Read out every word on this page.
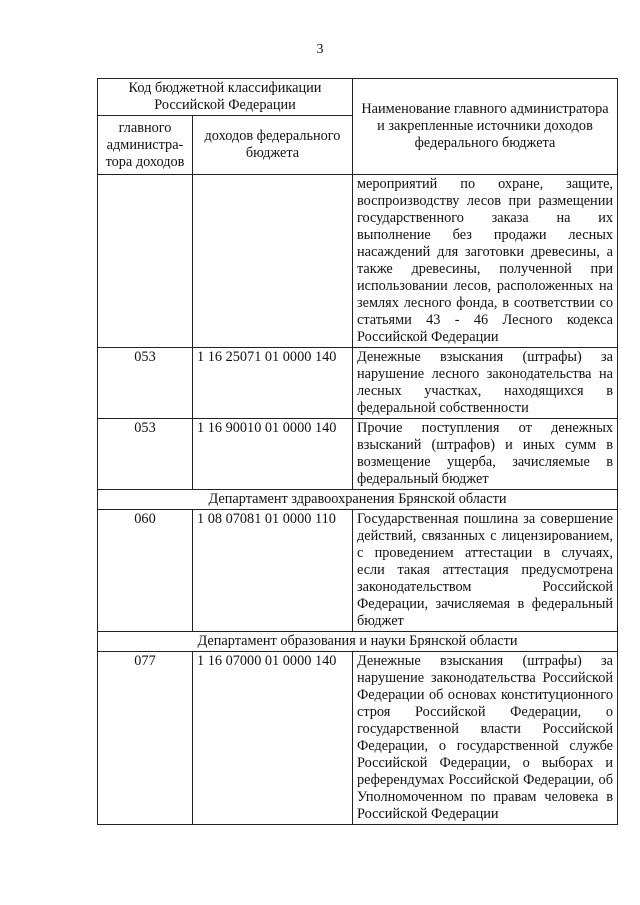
3
Код бюджетной классификации Российской Федерации		Наименование главного администратора и закрепленные источники доходов федерального бюджета
главного администра-тора доходов	доходов федерального бюджета	
		мероприятий по охране, защите, воспроизводству лесов при размещении государственного заказа на их выполнение без продажи лесных насаждений для заготовки древесины, а также древесины, полученной при использовании лесов, расположенных на землях лесного фонда, в соответствии со статьями 43 - 46 Лесного кодекса Российской Федерации
053	1 16 25071 01 0000 140	Денежные взыскания (штрафы) за нарушение лесного законодательства на лесных участках, находящихся в федеральной собственности
053	1 16 90010 01 0000 140	Прочие поступления от денежных взысканий (штрафов) и иных сумм в возмещение ущерба, зачисляемые в федеральный бюджет
Департамент здравоохранения Брянской области		
060	1 08 07081 01 0000 110	Государственная пошлина за совершение действий, связанных с лицензированием, с проведением аттестации в случаях, если такая аттестация предусмотрена законодательством Российской Федерации, зачисляемая в федеральный бюджет
Департамент образования и науки Брянской области		
077	1 16 07000 01 0000 140	Денежные взыскания (штрафы) за нарушение законодательства Российской Федерации об основах конституционного строя Российской Федерации, о государственной власти Российской Федерации, о государственной службе Российской Федерации, о выборах и референдумах Российской Федерации, об Уполномоченном по правам человека в Российской Федерации
